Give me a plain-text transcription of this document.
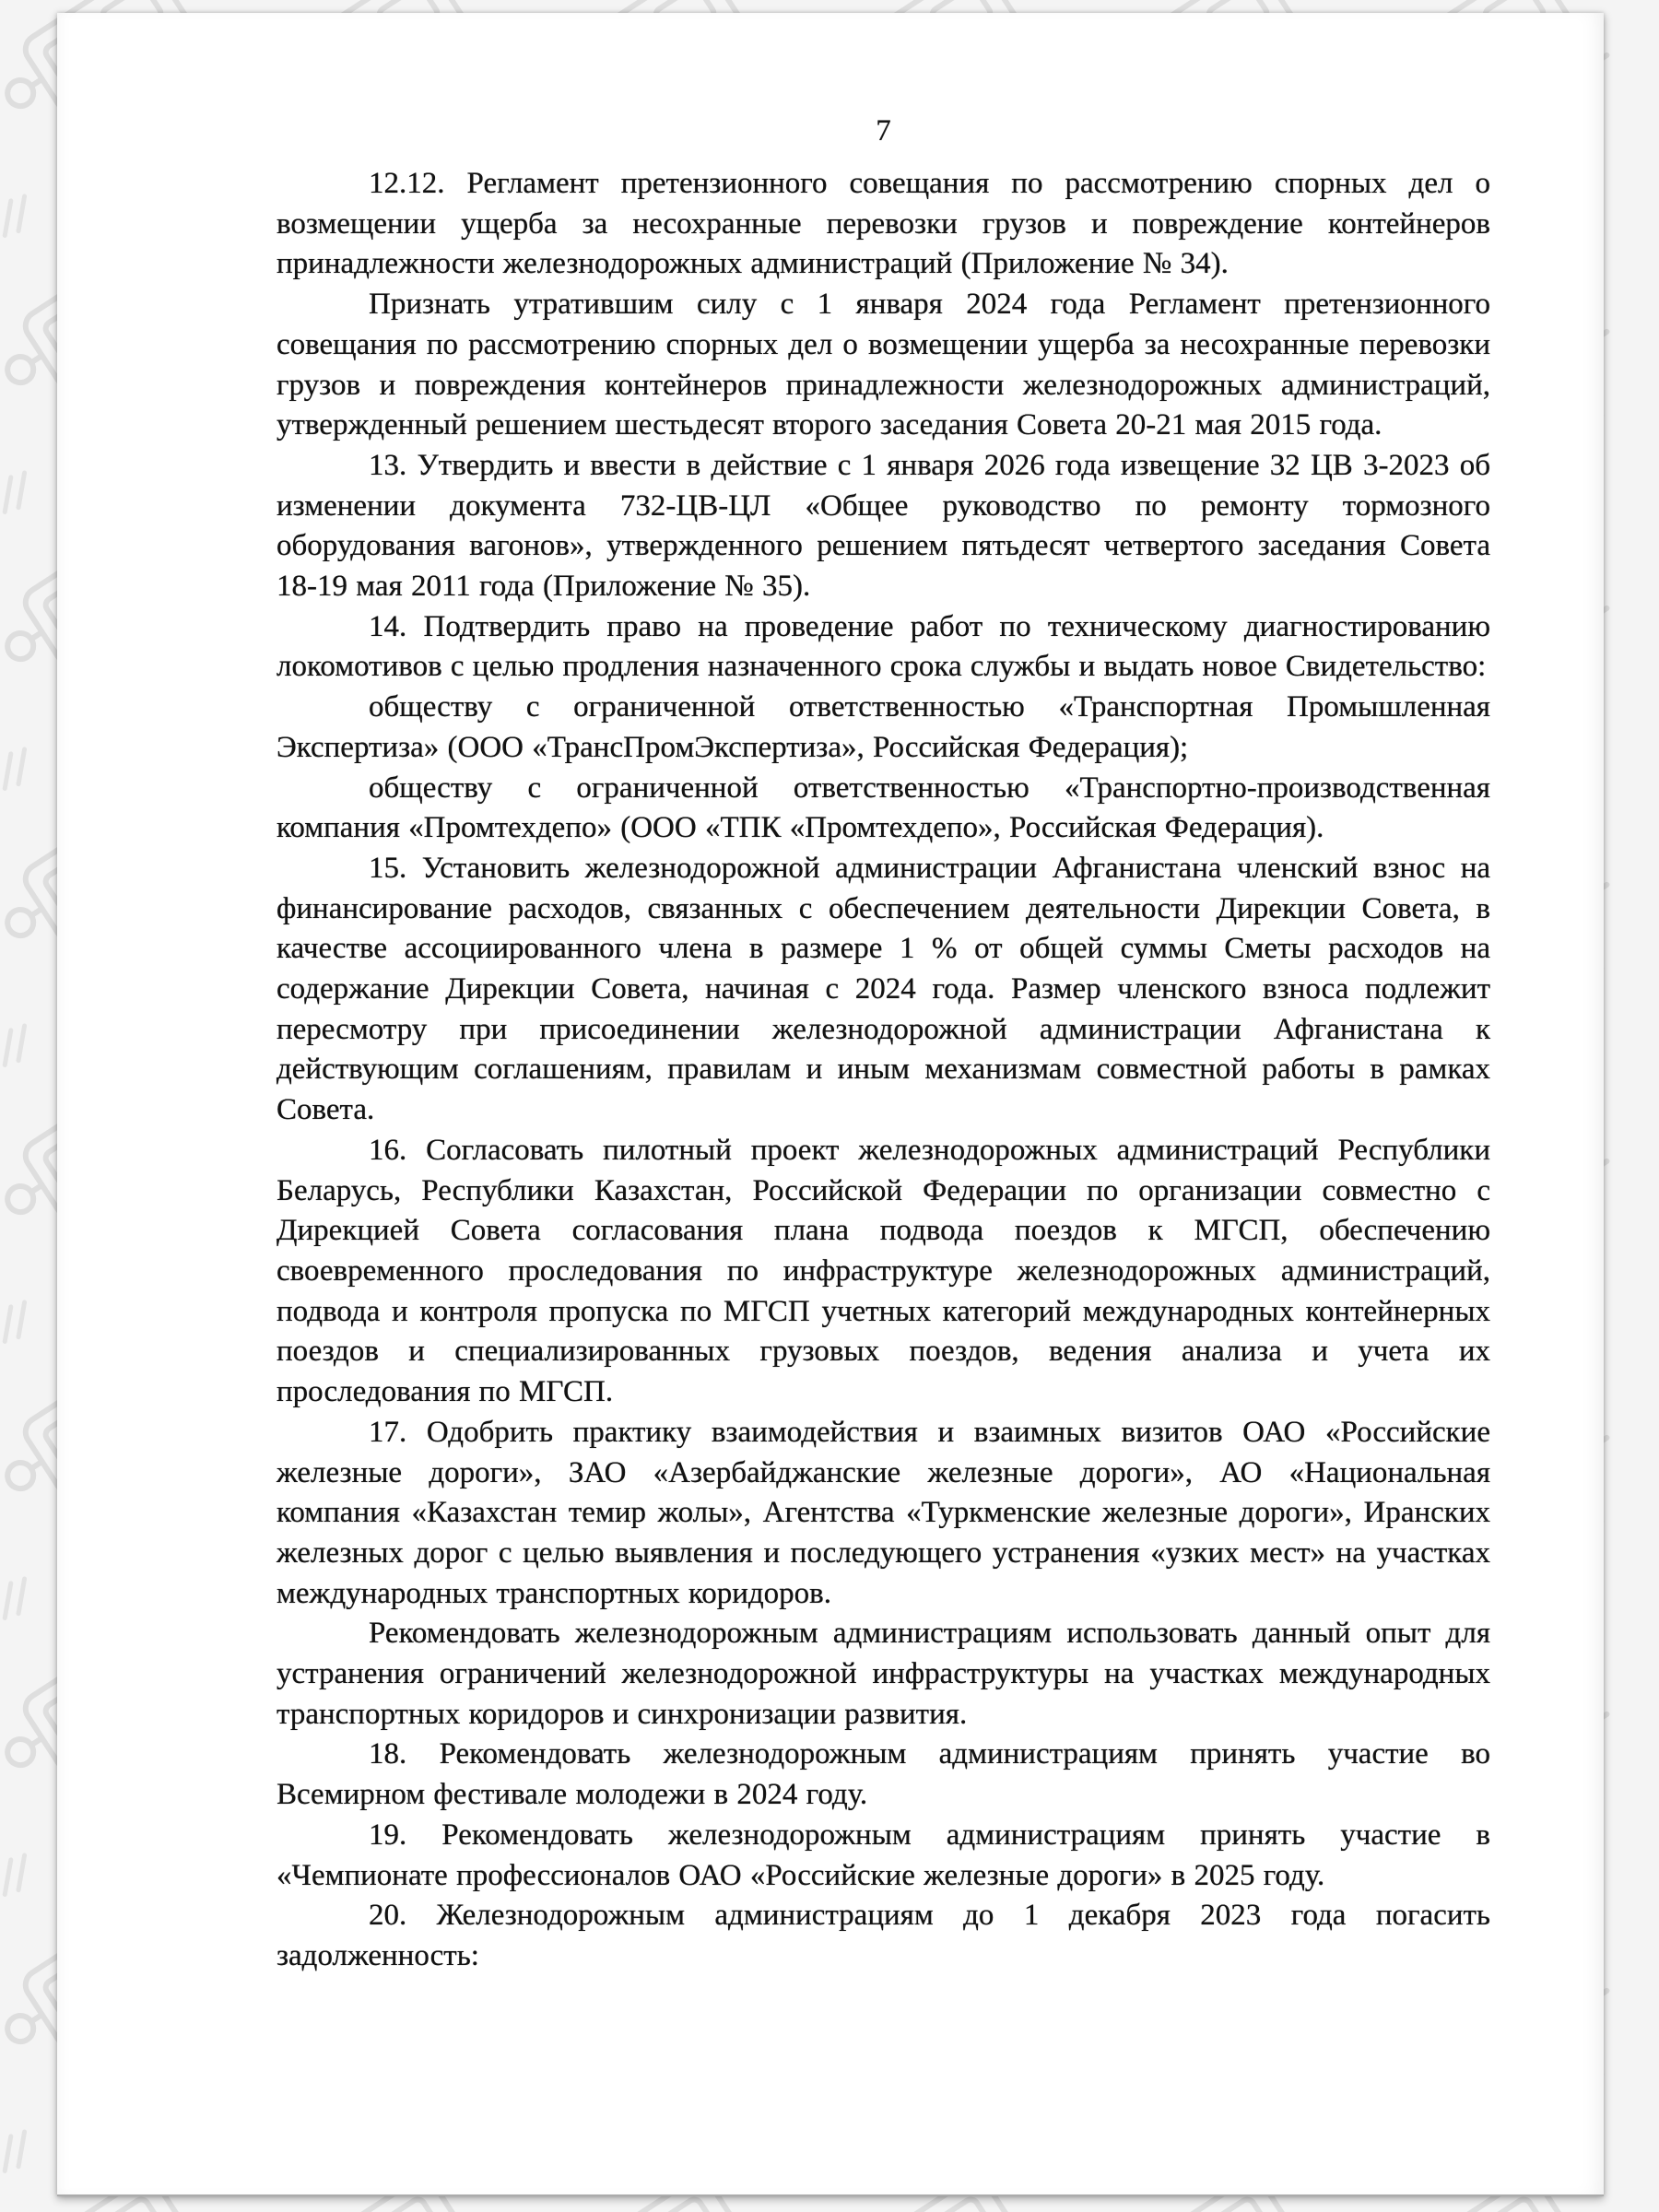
7

12.12. Регламент претензионного совещания по рассмотрению спорных дел о возмещении ущерба за несохранные перевозки грузов и повреждение контейнеров принадлежности железнодорожных администраций (Приложение № 34).

Признать утратившим силу с 1 января 2024 года Регламент претензионного совещания по рассмотрению спорных дел о возмещении ущерба за несохранные перевозки грузов и повреждения контейнеров принадлежности железнодорожных администраций, утвержденный решением шестьдесят второго заседания Совета 20-21 мая 2015 года.

13. Утвердить и ввести в действие с 1 января 2026 года извещение 32 ЦВ 3-2023 об изменении документа 732-ЦВ-ЦЛ «Общее руководство по ремонту тормозного оборудования вагонов», утвержденного решением пятьдесят четвертого заседания Совета 18-19 мая 2011 года (Приложение № 35).

14. Подтвердить право на проведение работ по техническому диагностированию локомотивов с целью продления назначенного срока службы и выдать новое Свидетельство:

обществу с ограниченной ответственностью «Транспортная Промышленная Экспертиза» (ООО «ТрансПромЭкспертиза», Российская Федерация);

обществу с ограниченной ответственностью «Транспортно-производственная компания «Промтехдепо» (ООО «ТПК «Промтехдепо», Российская Федерация).

15. Установить железнодорожной администрации Афганистана членский взнос на финансирование расходов, связанных с обеспечением деятельности Дирекции Совета, в качестве ассоциированного члена в размере 1 % от общей суммы Сметы расходов на содержание Дирекции Совета, начиная с 2024 года. Размер членского взноса подлежит пересмотру при присоединении железнодорожной администрации Афганистана к действующим соглашениям, правилам и иным механизмам совместной работы в рамках Совета.

16. Согласовать пилотный проект железнодорожных администраций Республики Беларусь, Республики Казахстан, Российской Федерации по организации совместно с Дирекцией Совета согласования плана подвода поездов к МГСП, обеспечению своевременного проследования по инфраструктуре железнодорожных администраций, подвода и контроля пропуска по МГСП учетных категорий международных контейнерных поездов и специализированных грузовых поездов, ведения анализа и учета их проследования по МГСП.

17. Одобрить практику взаимодействия и взаимных визитов ОАО «Российские железные дороги», ЗАО «Азербайджанские железные дороги», АО «Национальная компания «Казахстан темир жолы», Агентства «Туркменские железные дороги», Иранских железных дорог с целью выявления и последующего устранения «узких мест» на участках международных транспортных коридоров.

Рекомендовать железнодорожным администрациям использовать данный опыт для устранения ограничений железнодорожной инфраструктуры на участках международных транспортных коридоров и синхронизации развития.

18. Рекомендовать железнодорожным администрациям принять участие во Всемирном фестивале молодежи в 2024 году.

19. Рекомендовать железнодорожным администрациям принять участие в «Чемпионате профессионалов ОАО «Российские железные дороги» в 2025 году.

20. Железнодорожным администрациям до 1 декабря 2023 года погасить задолженность:
